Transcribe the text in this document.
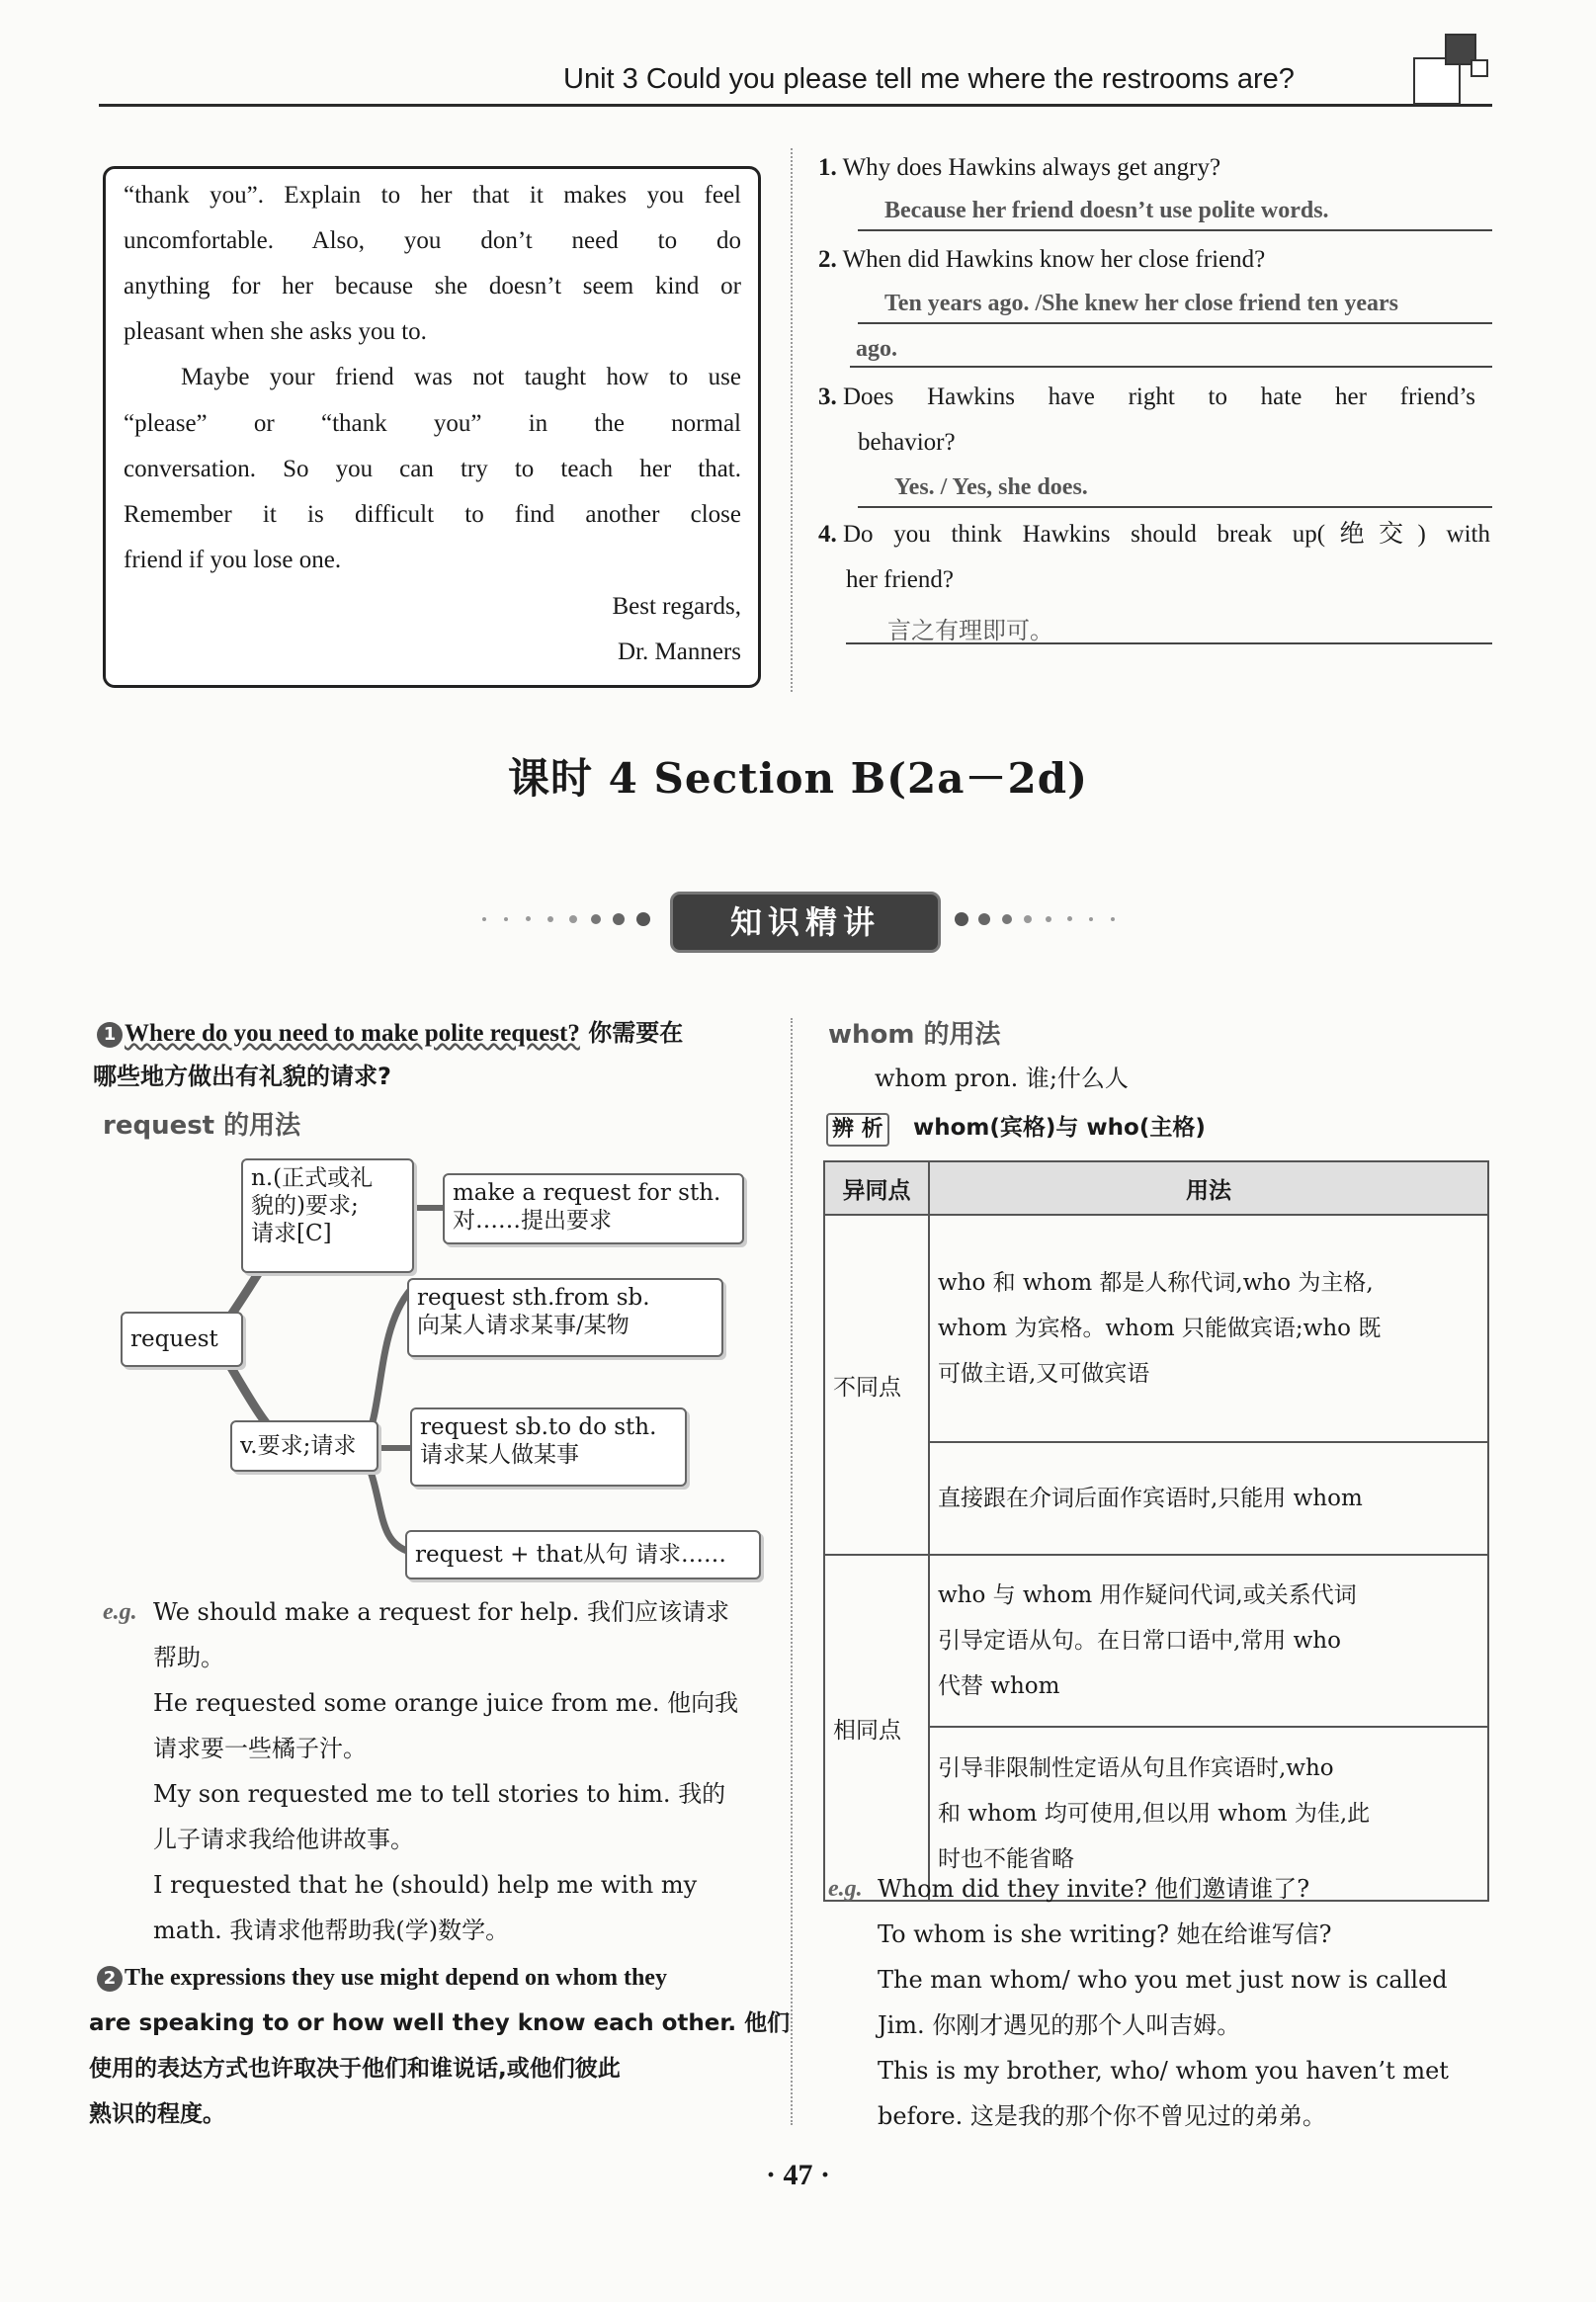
Unit 3 Could you please tell me where the restrooms are?
“thank you”. Explain to her that it makes you feel
uncomfortable. Also, you don’t need to do
anything for her because she doesn’t seem kind or
pleasant when she asks you to.
Maybe your friend was not taught how to use
“please” or “thank you” in the normal
conversation. So you can try to teach her that.
Remember it is difficult to find another close
friend if you lose one.
Best regards,
Dr. Manners
1. Why does Hawkins always get angry?
Because her friend doesn’t use polite words.
2. When did Hawkins know her close friend?
Ten years ago. /She knew her close friend ten years
ago.
3. Does Hawkins have right to hate her friend’s
behavior?
Yes. / Yes, she does.
4. Do you think Hawkins should break up(绝交) with
her friend?
言之有理即可。
课时 4 Section B(2a－2d)
知识精讲
1 Where do you need to make polite request? 你需要在
哪些地方做出有礼貌的请求?
request 的用法
n.(正式或礼
貌的)要求;
请求[C]
make a request for sth.
对……提出要求
request
request sth.from sb.
向某人请求某事/某物
v.要求;请求
request sb.to do sth.
请求某人做某事
request + that从句 请求……
e.g. We should make a request for help. 我们应该请求
帮助。
He requested some orange juice from me. 他向我
请求要一些橘子汁。
My son requested me to tell stories to him. 我的
儿子请求我给他讲故事。
I requested that he (should) help me with my
math. 我请求他帮助我(学)数学。
2 The expressions they use might depend on whom they
are speaking to or how well they know each other. 他们
使用的表达方式也许取决于他们和谁说话,或他们彼此
熟识的程度。
whom 的用法
whom pron. 谁;什么人
辨 析 whom(宾格)与 who(主格)
异同点	用法
不同点	who 和 whom 都是人称代词,who 为主格,
whom 为宾格。whom 只能做宾语;who 既
可做主语,又可做宾语

	直接跟在介词后面作宾语时,只能用 whom
相同点	who 与 whom 用作疑问代词,或关系代词
引导定语从句。在日常口语中,常用 who
代替 whom

	引导非限制性定语从句且作宾语时,who
和 whom 均可使用,但以用 whom 为佳,此
时也不能省略
e.g. Whom did they invite? 他们邀请谁了?
To whom is she writing? 她在给谁写信?
The man whom/ who you met just now is called
Jim. 你刚才遇见的那个人叫吉姆。
This is my brother, who/ whom you haven’t met
before. 这是我的那个你不曾见过的弟弟。
· 47 ·
